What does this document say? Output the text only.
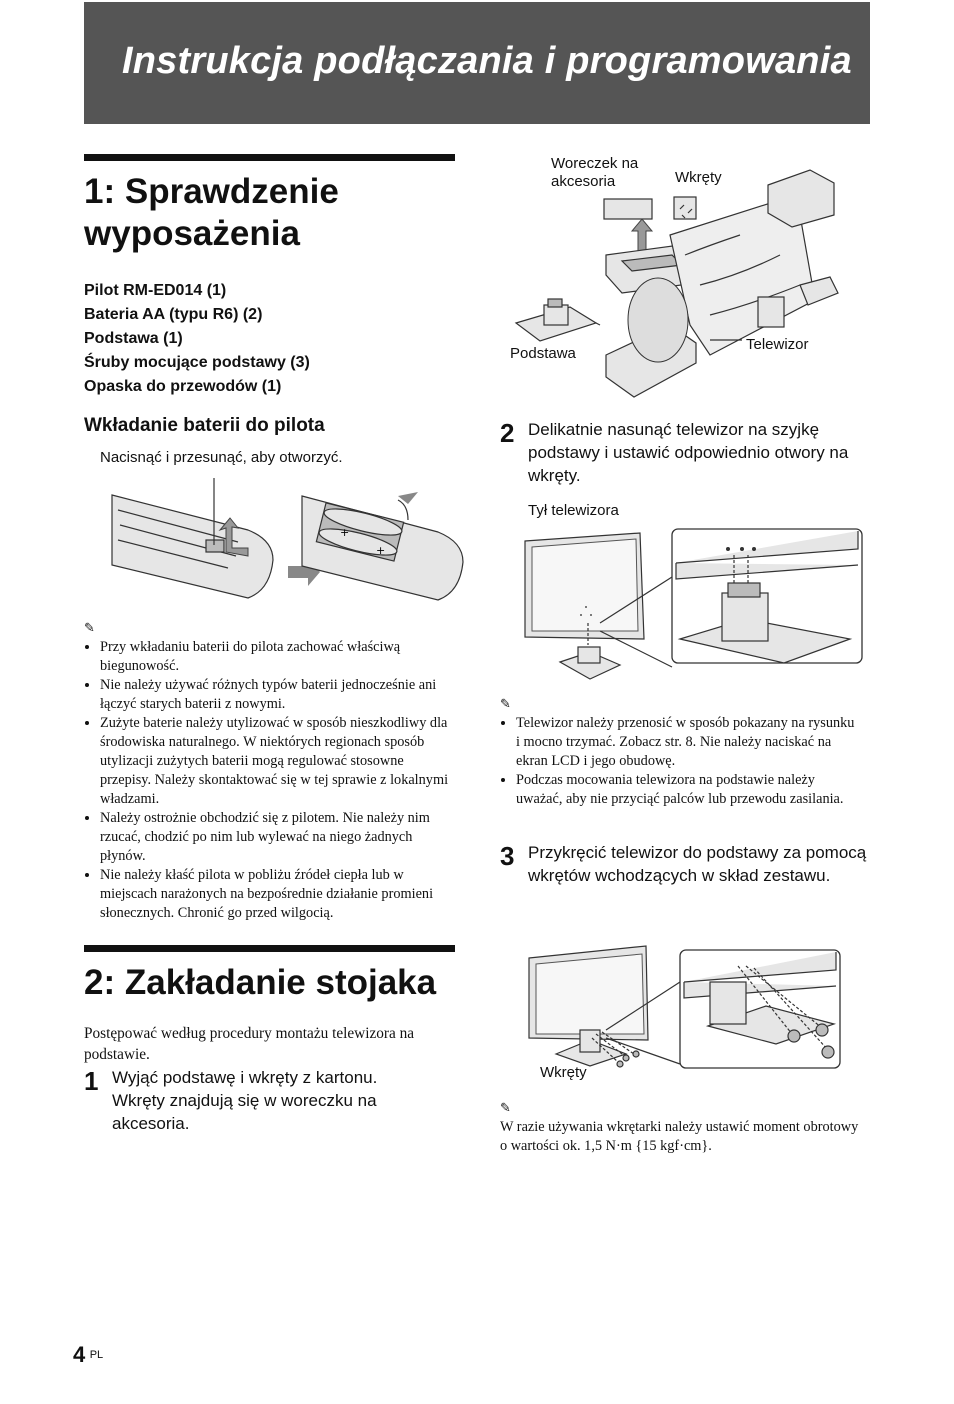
Instrukcja podłączania i programowania
1: Sprawdzenie
wyposażenia
Pilot RM-ED014 (1)
Bateria AA (typu R6) (2)
Podstawa (1)
Śruby mocujące podstawy (3)
Opaska do przewodów (1)
Wkładanie baterii do pilota
Nacisnąć i przesunąć, aby otworzyć.
+
+
✎
• Przy wkładaniu baterii do pilota zachować właściwą biegunowość.
• Nie należy używać różnych typów baterii jednocześnie ani łączyć starych baterii z nowymi.
• Zużyte baterie należy utylizować w sposób nieszkodliwy dla środowiska naturalnego. W niektórych regionach sposób utylizacji zużytych baterii mogą regulować stosowne przepisy. Należy skontaktować się w tej sprawie z lokalnymi władzami.
• Należy ostrożnie obchodzić się z pilotem. Nie należy nim rzucać, chodzić po nim lub wylewać na niego żadnych płynów.
• Nie należy kłaść pilota w pobliżu źródeł ciepła lub w miejscach narażonych na bezpośrednie działanie promieni słonecznych. Chronić go przed wilgocią.
2: Zakładanie stojaka
Postępować według procedury montażu telewizora na podstawie.
1 Wyjąć podstawę i wkręty z kartonu. Wkręty znajdują się w woreczku na akcesoria.
Woreczek na
akcesoria	Wkręty
Podstawa
Telewizor
2 Delikatnie nasunąć telewizor na szyjkę podstawy i ustawić odpowiednio otwory na wkręty.
Tył telewizora
✎
• Telewizor należy przenosić w sposób pokazany na rysunku i mocno trzymać. Zobacz str. 8. Nie należy naciskać na ekran LCD i jego obudowę.
• Podczas mocowania telewizora na podstawie należy uważać, aby nie przyciąć palców lub przewodu zasilania.
3 Przykręcić telewizor do podstawy za pomocą wkrętów wchodzących w skład zestawu.
Wkręty
✎
W razie używania wkrętarki należy ustawić moment obrotowy o wartości ok. 1,5 N·m {15 kgf·cm}.
4 $^{PL}$
